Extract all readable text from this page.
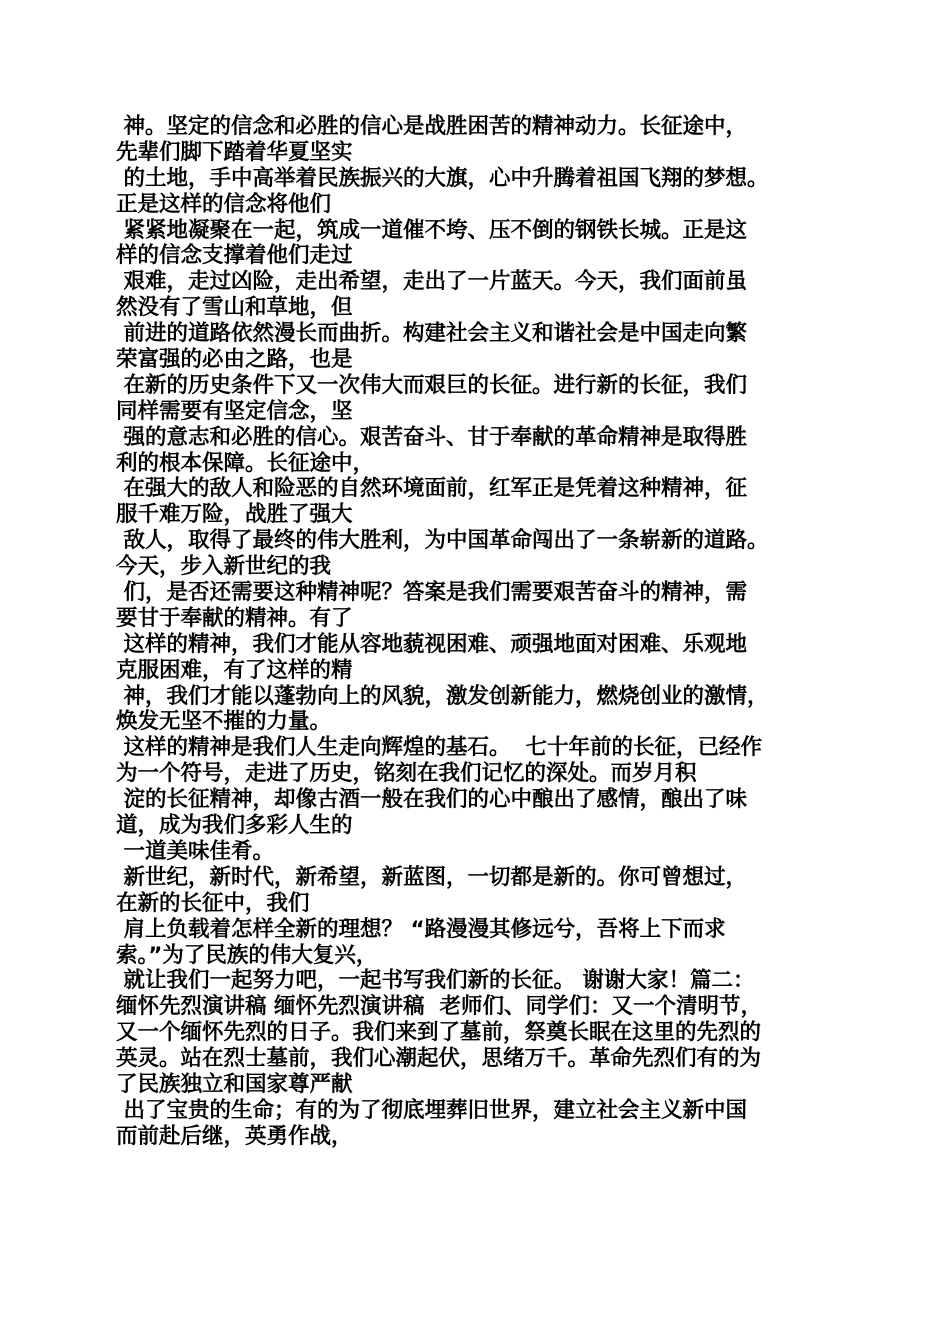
神。坚定的信念和必胜的信心是战胜困苦的精神动力。长征途中，
先辈们脚下踏着华夏坚实
的土地，手中高举着民族振兴的大旗，心中升腾着祖国飞翔的梦想。
正是这样的信念将他们
紧紧地凝聚在一起，筑成一道催不垮、压不倒的钢铁长城。正是这
样的信念支撑着他们走过
艰难，走过凶险，走出希望，走出了一片蓝天。今天，我们面前虽
然没有了雪山和草地，但
前进的道路依然漫长而曲折。构建社会主义和谐社会是中国走向繁
荣富强的必由之路，也是
在新的历史条件下又一次伟大而艰巨的长征。进行新的长征，我们
同样需要有坚定信念，坚
强的意志和必胜的信心。艰苦奋斗、甘于奉献的革命精神是取得胜
利的根本保障。长征途中，
在强大的敌人和险恶的自然环境面前，红军正是凭着这种精神，征
服千难万险，战胜了强大
敌人，取得了最终的伟大胜利，为中国革命闯出了一条崭新的道路。
今天，步入新世纪的我
们，是否还需要这种精神呢？答案是我们需要艰苦奋斗的精神，需
要甘于奉献的精神。有了
这样的精神，我们才能从容地藐视困难、顽强地面对困难、乐观地
克服困难，有了这样的精
神，我们才能以蓬勃向上的风貌，激发创新能力，燃烧创业的激情，
焕发无坚不摧的力量。
这样的精神是我们人生走向辉煌的基石。  七十年前的长征，已经作
为一个符号，走进了历史，铭刻在我们记忆的深处。而岁月积
淀的长征精神，却像古酒一般在我们的心中酿出了感情，酿出了味
道，成为我们多彩人生的
一道美味佳肴。
新世纪，新时代，新希望，新蓝图，一切都是新的。你可曾想过，
在新的长征中，我们
肩上负载着怎样全新的理想？ “路漫漫其修远兮，吾将上下而求
索。”为了民族的伟大复兴，
就让我们一起努力吧，一起书写我们新的长征。 谢谢大家！篇二：
缅怀先烈演讲稿 缅怀先烈演讲稿  老师们、同学们：又一个清明节，
又一个缅怀先烈的日子。我们来到了墓前，祭奠长眠在这里的先烈的
英灵。站在烈士墓前，我们心潮起伏，思绪万千。革命先烈们有的为
了民族独立和国家尊严献
出了宝贵的生命；有的为了彻底埋葬旧世界，建立社会主义新中国
而前赴后继，英勇作战，
